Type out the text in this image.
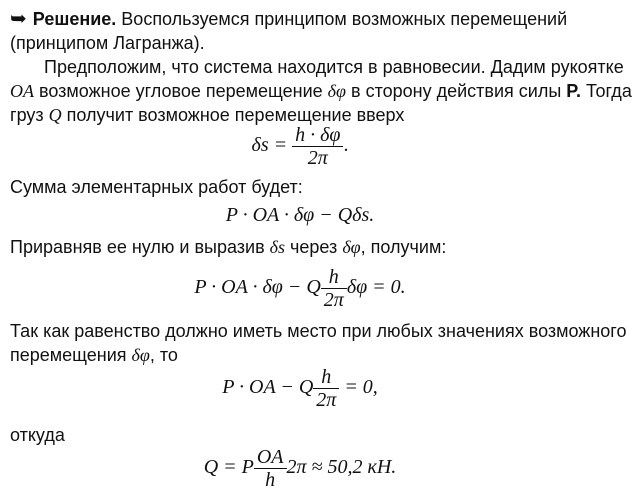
➥ Решение. Воспользуемся принципом возможных перемещений
(принципом Лагранжа).
Предположим, что система находится в равновесии. Дадим рукоятке
OA возможное угловое перемещение δφ в сторону действия силы P. Тогда
груз Q получит возможное перемещение вверх
$\delta s = \frac{h \cdot \delta\varphi}{2\pi}$ .
Сумма элементарных работ будет:
P · OA · δφ − Qδs.
Приравняв ее нулю и выразив δs через δφ, получим:
P · OA · δφ − Q $\frac{h}{2\pi}$ δφ = 0.
Так как равенство должно иметь место при любых значениях возможного
перемещения δφ, то
P · OA − Q $\frac{h}{2\pi} = 0$,
откуда
Q = P $\frac{OA}{h} 2\pi \approx 50,2$ кН.
